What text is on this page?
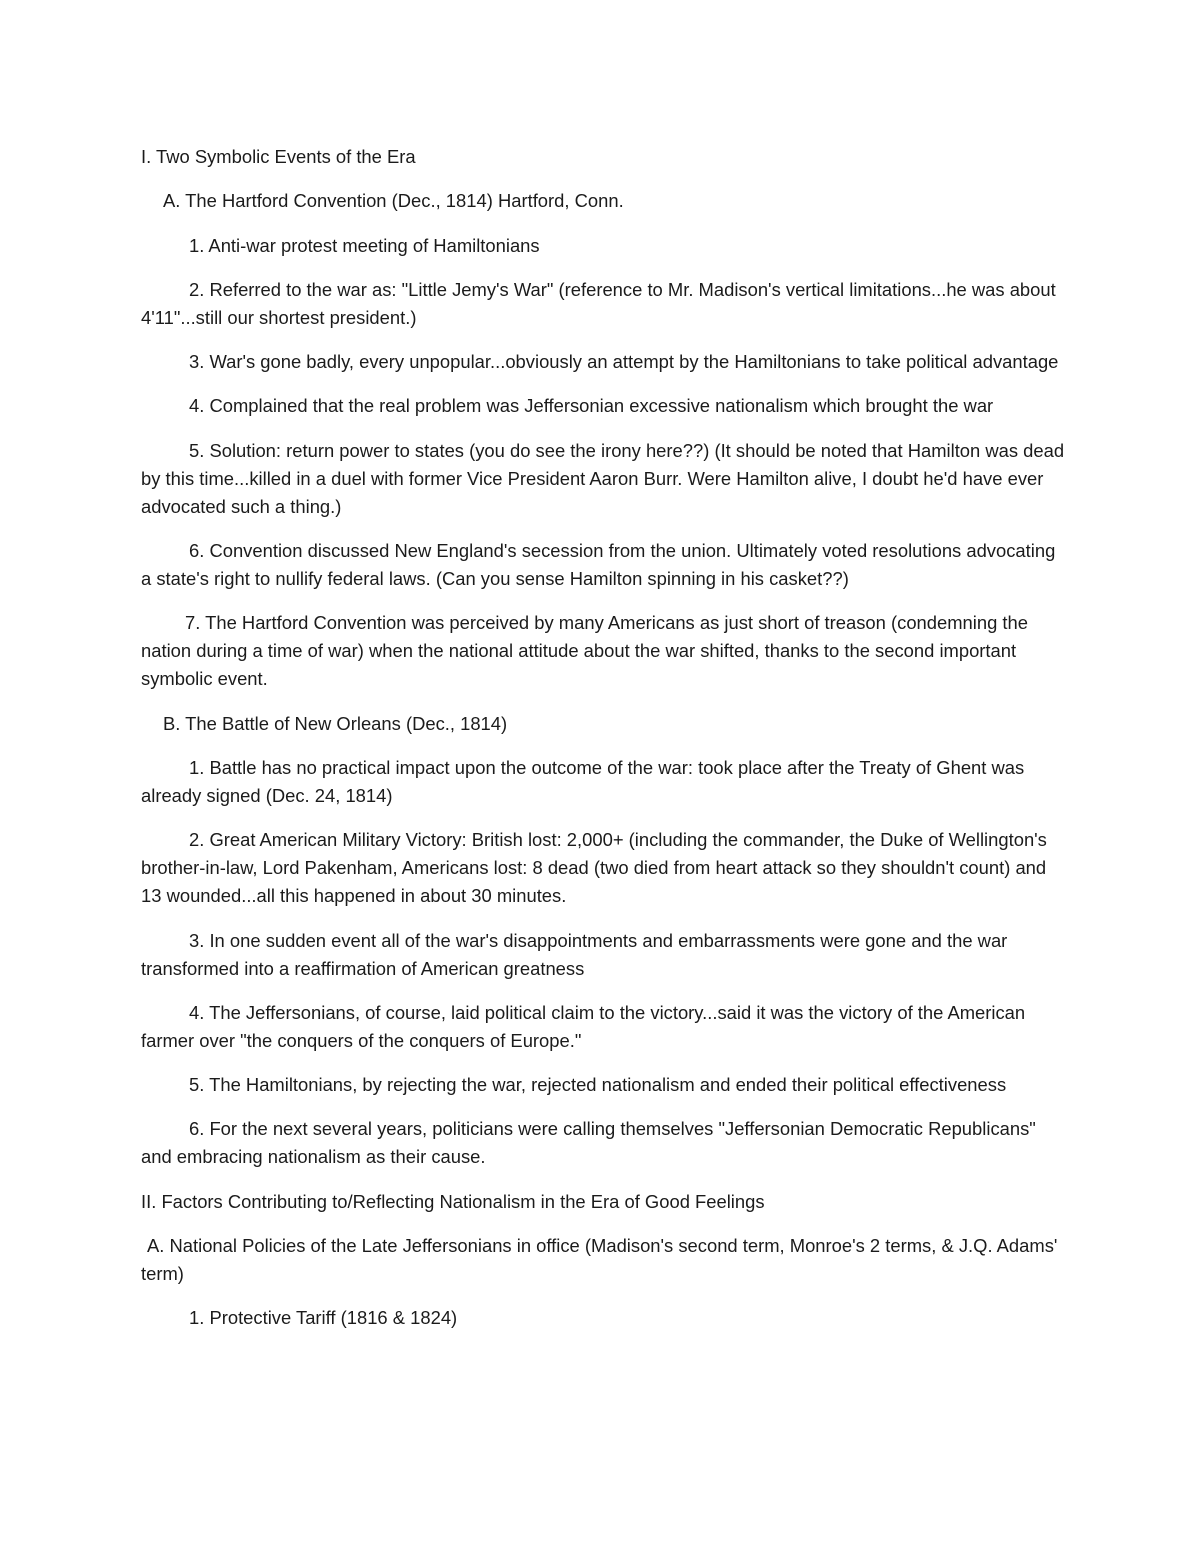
I. Two Symbolic Events of the Era

A. The Hartford Convention (Dec., 1814) Hartford, Conn.

1. Anti-war protest meeting of Hamiltonians

2. Referred to the war as: "Little Jemy's War" (reference to Mr. Madison's vertical limitations...he was about 4'11"...still our shortest president.)

3. War's gone badly, every unpopular...obviously an attempt by the Hamiltonians to take political advantage

4. Complained that the real problem was Jeffersonian excessive nationalism which brought the war

5. Solution: return power to states (you do see the irony here??) (It should be noted that Hamilton was dead by this time...killed in a duel with former Vice President Aaron Burr. Were Hamilton alive, I doubt he'd have ever advocated such a thing.)

6. Convention discussed New England's secession from the union. Ultimately voted resolutions advocating a state's right to nullify federal laws. (Can you sense Hamilton spinning in his casket??)

7. The Hartford Convention was perceived by many Americans as just short of treason (condemning the nation during a time of war) when the national attitude about the war shifted, thanks to the second important symbolic event.

B. The Battle of New Orleans (Dec., 1814)

1. Battle has no practical impact upon the outcome of the war: took place after the Treaty of Ghent was already signed (Dec. 24, 1814)

2. Great American Military Victory: British lost: 2,000+ (including the commander, the Duke of Wellington's brother-in-law, Lord Pakenham, Americans lost: 8 dead (two died from heart attack so they shouldn't count) and 13 wounded...all this happened in about 30 minutes.

3. In one sudden event all of the war's disappointments and embarrassments were gone and the war transformed into a reaffirmation of American greatness

4. The Jeffersonians, of course, laid political claim to the victory...said it was the victory of the American farmer over "the conquers of the conquers of Europe."

5. The Hamiltonians, by rejecting the war, rejected nationalism and ended their political effectiveness

6. For the next several years, politicians were calling themselves "Jeffersonian Democratic Republicans" and embracing nationalism as their cause.

II. Factors Contributing to/Reflecting Nationalism in the Era of Good Feelings

A. National Policies of the Late Jeffersonians in office (Madison's second term, Monroe's 2 terms, & J.Q. Adams' term)

1. Protective Tariff (1816 & 1824)
